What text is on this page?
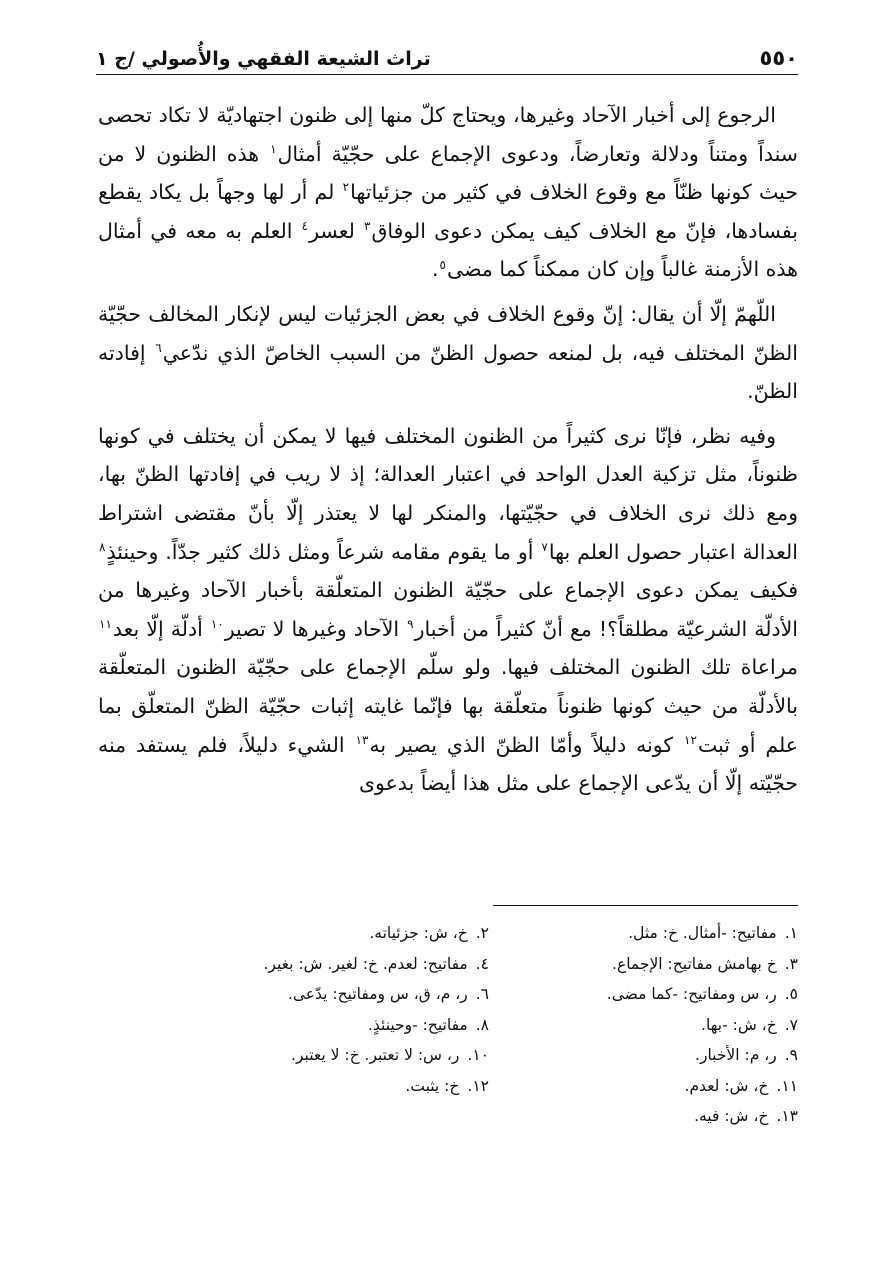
٥٥٠
تراث الشيعة الفقهي والأُصولي /ج ١

الرجوع إلى أخبار الآحاد وغيرها، ويحتاج كلّ منها إلى ظنون اجتهاديّة لا تكاد تحصى سنداً ومتناً ودلالة وتعارضاً، ودعوى الإجماع على حجّيّة أمثال$^١$ هذه الظنون لا من حيث كونها ظنّاً مع وقوع الخلاف في كثير من جزئياتها$^٢$ لم أر لها وجهاً بل يكاد يقطع بفسادها، فإنّ مع الخلاف كيف يمكن دعوى الوفاق$^٣$ لعسر$^٤$ العلم به معه في أمثال هذه الأزمنة غالباً وإن كان ممكناً كما مضى$^٥$.

اللّهمّ إلّا أن يقال: إنّ وقوع الخلاف في بعض الجزئيات ليس لإنكار المخالف حجّيّة الظنّ المختلف فيه، بل لمنعه حصول الظنّ من السبب الخاصّ الذي ندّعي$^٦$ إفادته الظنّ.

وفيه نظر، فإنّا نرى كثيراً من الظنون المختلف فيها لا يمكن أن يختلف في كونها ظنوناً، مثل تزكية العدل الواحد في اعتبار العدالة؛ إذ لا ريب في إفادتها الظنّ بها، ومع ذلك نرى الخلاف في حجّيّتها، والمنكر لها لا يعتذر إلّا بأنّ مقتضى اشتراط العدالة اعتبار حصول العلم بها$^٧$ أو ما يقوم مقامه شرعاً ومثل ذلك كثير جدّاً. وحينئذٍ$^٨$ فكيف يمكن دعوى الإجماع على حجّيّة الظنون المتعلّقة بأخبار الآحاد وغيرها من الأدلّة الشرعيّة مطلقاً؟! مع أنّ كثيراً من أخبار$^٩$ الآحاد وغيرها لا تصير$^{١٠}$ أدلّة إلّا بعد$^{١١}$ مراعاة تلك الظنون المختلف فيها. ولو سلّم الإجماع على حجّيّة الظنون المتعلّقة بالأدلّة من حيث كونها ظنوناً متعلّقة بها فإنّما غايته إثبات حجّيّة الظنّ المتعلّق بما علم أو ثبت$^{١٢}$ كونه دليلاً وأمّا الظنّ الذي يصير به$^{١٣}$ الشيء دليلاً، فلم يستفد منه حجّيّته إلّا أن يدّعى الإجماع على مثل هذا أيضاً بدعوى

١.مفاتيح: -أمثال. خ: مثل.
٢.خ، ش: جزئياته.
٣.خ بهامش مفاتيح: الإجماع.
٤.مفاتيح: لعدم. خ: لغير. ش: بغير.
٥.ر، س ومفاتيح: -كما مضى.
٦.ر، م، ق، س ومفاتيح: يدّعى.
٧.خ، ش: -بها.
٨.مفاتيح: -وحينئذٍ.
٩.ر، م: الأخبار.
١٠.ر، س: لا تعتبر. خ: لا يعتبر.
١١.خ، ش: لعدم.
١٢.خ: يثبت.
١٣.خ، ش: فيه.
